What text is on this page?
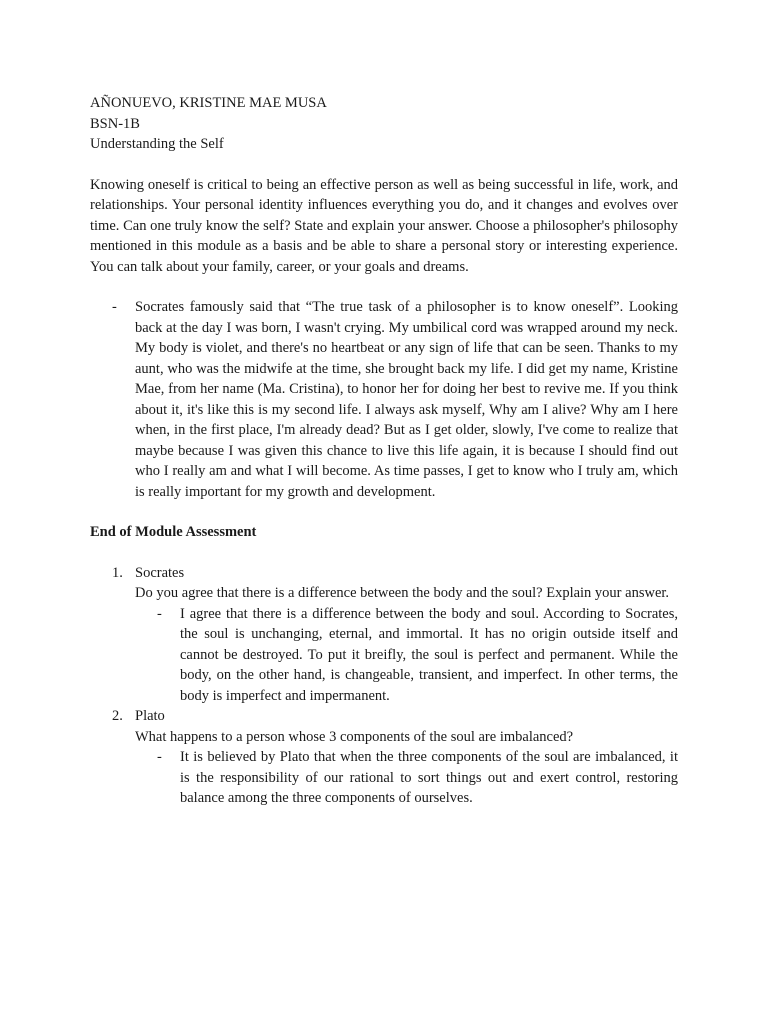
AÑONUEVO, KRISTINE MAE MUSA
BSN-1B
Understanding the Self

Knowing oneself is critical to being an effective person as well as being successful in life, work, and relationships. Your personal identity influences everything you do, and it changes and evolves over time. Can one truly know the self? State and explain your answer. Choose a philosopher's philosophy mentioned in this module as a basis and be able to share a personal story or interesting experience. You can talk about your family, career, or your goals and dreams.

- Socrates famously said that “The true task of a philosopher is to know oneself”. Looking back at the day I was born, I wasn't crying. My umbilical cord was wrapped around my neck. My body is violet, and there's no heartbeat or any sign of life that can be seen. Thanks to my aunt, who was the midwife at the time, she brought back my life. I did get my name, Kristine Mae, from her name (Ma. Cristina), to honor her for doing her best to revive me. If you think about it, it's like this is my second life. I always ask myself, Why am I alive? Why am I here when, in the first place, I'm already dead? But as I get older, slowly, I've come to realize that maybe because I was given this chance to live this life again, it is because I should find out who I really am and what I will become. As time passes, I get to know who I truly am, which is really important for my growth and development.
End of Module Assessment
1. Socrates
Do you agree that there is a difference between the body and the soul? Explain your answer.
- I agree that there is a difference between the body and soul. According to Socrates, the soul is unchanging, eternal, and immortal. It has no origin outside itself and cannot be destroyed. To put it breifly, the soul is perfect and permanent. While the body, on the other hand, is changeable, transient, and imperfect. In other terms, the body is imperfect and impermanent.
2. Plato
What happens to a person whose 3 components of the soul are imbalanced?
- It is believed by Plato that when the three components of the soul are imbalanced, it is the responsibility of our rational to sort things out and exert control, restoring balance among the three components of ourselves.
